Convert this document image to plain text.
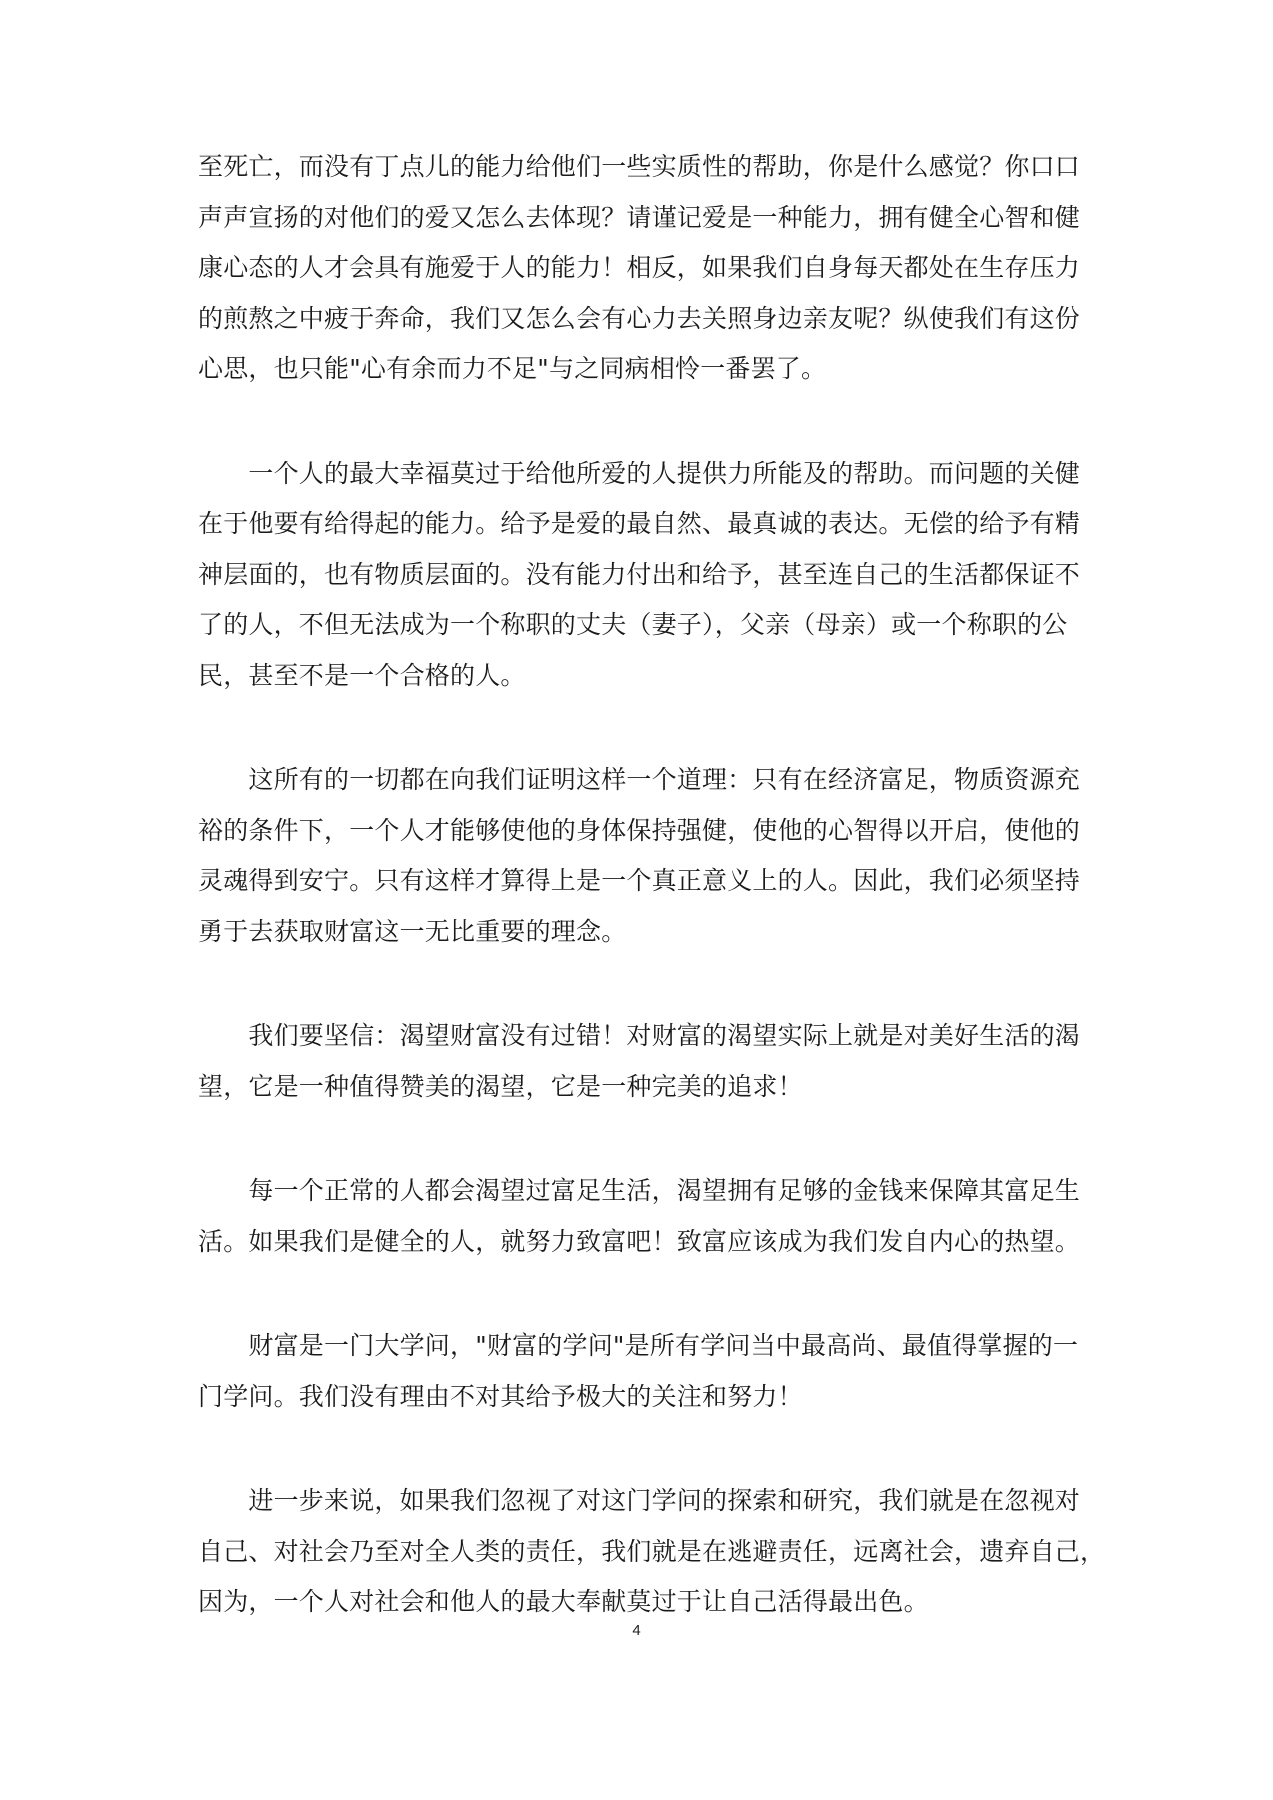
至死亡，而没有丁点儿的能力给他们一些实质性的帮助，你是什么感觉？你口口
声声宣扬的对他们的爱又怎么去体现？请谨记爱是一种能力，拥有健全心智和健
康心态的人才会具有施爱于人的能力！相反，如果我们自身每天都处在生存压力
的煎熬之中疲于奔命，我们又怎么会有心力去关照身边亲友呢？纵使我们有这份
心思，也只能"心有余而力不足"与之同病相怜一番罢了。
　　一个人的最大幸福莫过于给他所爱的人提供力所能及的帮助。而问题的关健
在于他要有给得起的能力。给予是爱的最自然、最真诚的表达。无偿的给予有精
神层面的，也有物质层面的。没有能力付出和给予，甚至连自己的生活都保证不
了的人，不但无法成为一个称职的丈夫（妻子），父亲（母亲）或一个称职的公
民，甚至不是一个合格的人。
　　这所有的一切都在向我们证明这样一个道理：只有在经济富足，物质资源充
裕的条件下，一个人才能够使他的身体保持强健，使他的心智得以开启，使他的
灵魂得到安宁。只有这样才算得上是一个真正意义上的人。因此，我们必须坚持
勇于去获取财富这一无比重要的理念。
　　我们要坚信：渴望财富没有过错！对财富的渴望实际上就是对美好生活的渴
望，它是一种值得赞美的渴望，它是一种完美的追求！
　　每一个正常的人都会渴望过富足生活，渴望拥有足够的金钱来保障其富足生
活。如果我们是健全的人，就努力致富吧！致富应该成为我们发自内心的热望。
　　财富是一门大学问，"财富的学问"是所有学问当中最高尚、最值得掌握的一
门学问。我们没有理由不对其给予极大的关注和努力！
　　进一步来说，如果我们忽视了对这门学问的探索和研究，我们就是在忽视对
自己、对社会乃至对全人类的责任，我们就是在逃避责任，远离社会，遗弃自己，
因为，一个人对社会和他人的最大奉献莫过于让自己活得最出色。
4
